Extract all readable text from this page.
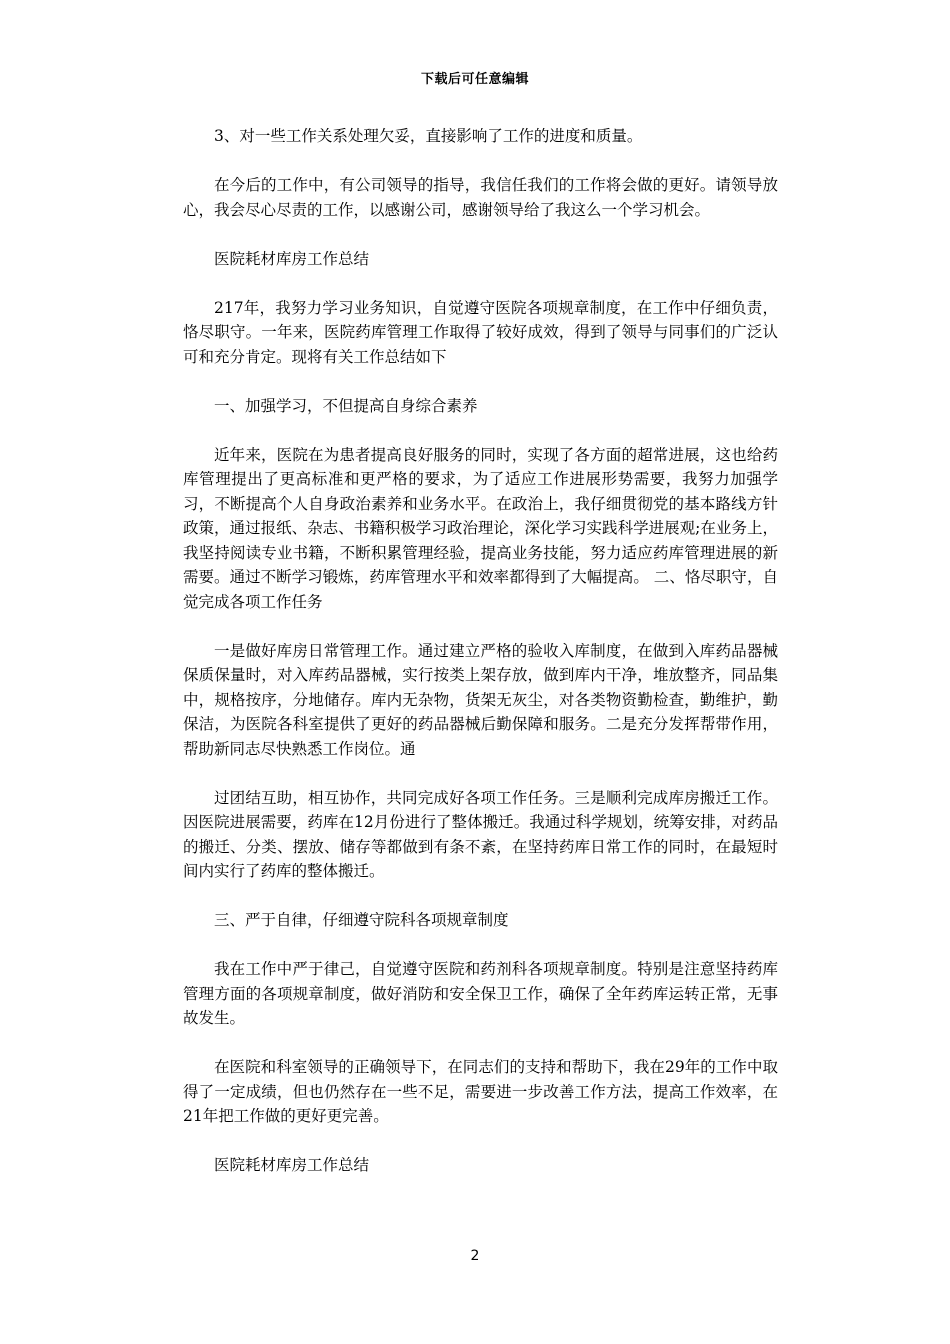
下载后可任意编辑

3、对一些工作关系处理欠妥，直接影响了工作的进度和质量。

在今后的工作中，有公司领导的指导，我信任我们的工作将会做的更好。请领导放心，我会尽心尽责的工作，以感谢公司，感谢领导给了我这么一个学习机会。

医院耗材库房工作总结

217年，我努力学习业务知识，自觉遵守医院各项规章制度，在工作中仔细负责，恪尽职守。一年来，医院药库管理工作取得了较好成效，得到了领导与同事们的广泛认可和充分肯定。现将有关工作总结如下

一、加强学习，不但提高自身综合素养

近年来，医院在为患者提高良好服务的同时，实现了各方面的超常进展，这也给药库管理提出了更高标准和更严格的要求，为了适应工作进展形势需要，我努力加强学习，不断提高个人自身政治素养和业务水平。在政治上，我仔细贯彻党的基本路线方针政策，通过报纸、杂志、书籍积极学习政治理论，深化学习实践科学进展观;在业务上，我坚持阅读专业书籍，不断积累管理经验，提高业务技能，努力适应药库管理进展的新需要。通过不断学习锻炼，药库管理水平和效率都得到了大幅提高。 二、恪尽职守，自觉完成各项工作任务

一是做好库房日常管理工作。通过建立严格的验收入库制度，在做到入库药品器械保质保量时，对入库药品器械，实行按类上架存放，做到库内干净，堆放整齐，同品集中，规格按序，分地储存。库内无杂物，货架无灰尘，对各类物资勤检查，勤维护，勤保洁，为医院各科室提供了更好的药品器械后勤保障和服务。二是充分发挥帮带作用，帮助新同志尽快熟悉工作岗位。通

过团结互助，相互协作，共同完成好各项工作任务。三是顺利完成库房搬迁工作。因医院进展需要，药库在12月份进行了整体搬迁。我通过科学规划，统筹安排，对药品的搬迁、分类、摆放、储存等都做到有条不紊，在坚持药库日常工作的同时，在最短时间内实行了药库的整体搬迁。

三、严于自律，仔细遵守院科各项规章制度

我在工作中严于律己，自觉遵守医院和药剂科各项规章制度。特别是注意坚持药库管理方面的各项规章制度，做好消防和安全保卫工作，确保了全年药库运转正常，无事故发生。

在医院和科室领导的正确领导下，在同志们的支持和帮助下，我在29年的工作中取得了一定成绩，但也仍然存在一些不足，需要进一步改善工作方法，提高工作效率，在21年把工作做的更好更完善。

医院耗材库房工作总结

2
